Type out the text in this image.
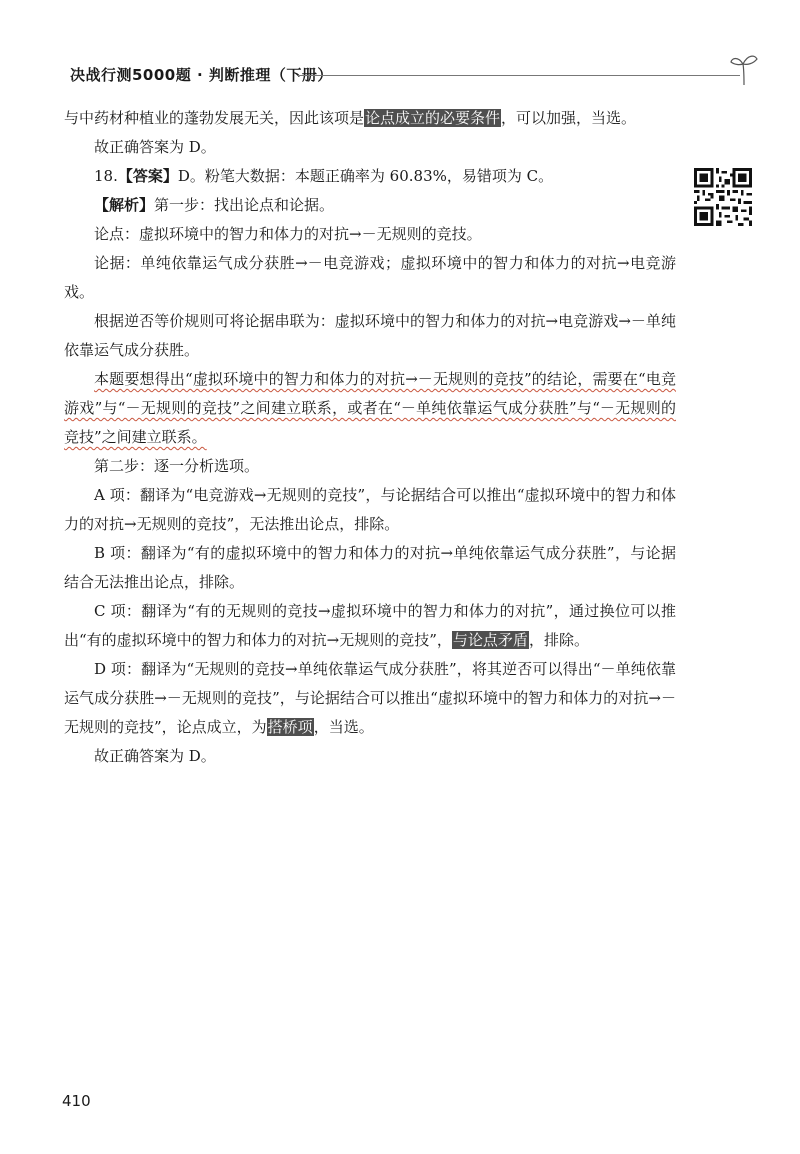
决战行测5000题 · 判断推理（下册）

与中药材种植业的蓬勃发展无关，因此该项是论点成立的必要条件，可以加强，当选。

故正确答案为 D。

18.【答案】D。粉笔大数据：本题正确率为 60.83%，易错项为 C。

【解析】第一步：找出论点和论据。

论点：虚拟环境中的智力和体力的对抗→－无规则的竞技。

论据：单纯依靠运气成分获胜→－电竞游戏；虚拟环境中的智力和体力的对抗→电竞游戏。

根据逆否等价规则可将论据串联为：虚拟环境中的智力和体力的对抗→电竞游戏→－单纯依靠运气成分获胜。

本题要想得出“虚拟环境中的智力和体力的对抗→－无规则的竞技”的结论，需要在“电竞游戏”与“－无规则的竞技”之间建立联系，或者在“－单纯依靠运气成分获胜”与“－无规则的竞技”之间建立联系。

第二步：逐一分析选项。

A 项：翻译为“电竞游戏→无规则的竞技”，与论据结合可以推出“虚拟环境中的智力和体力的对抗→无规则的竞技”，无法推出论点，排除。

B 项：翻译为“有的虚拟环境中的智力和体力的对抗→单纯依靠运气成分获胜”，与论据结合无法推出论点，排除。

C 项：翻译为“有的无规则的竞技→虚拟环境中的智力和体力的对抗”，通过换位可以推出“有的虚拟环境中的智力和体力的对抗→无规则的竞技”，与论点矛盾，排除。

D 项：翻译为“无规则的竞技→单纯依靠运气成分获胜”，将其逆否可以得出“－单纯依靠运气成分获胜→－无规则的竞技”，与论据结合可以推出“虚拟环境中的智力和体力的对抗→－无规则的竞技”，论点成立，为搭桥项，当选。

故正确答案为 D。

410
